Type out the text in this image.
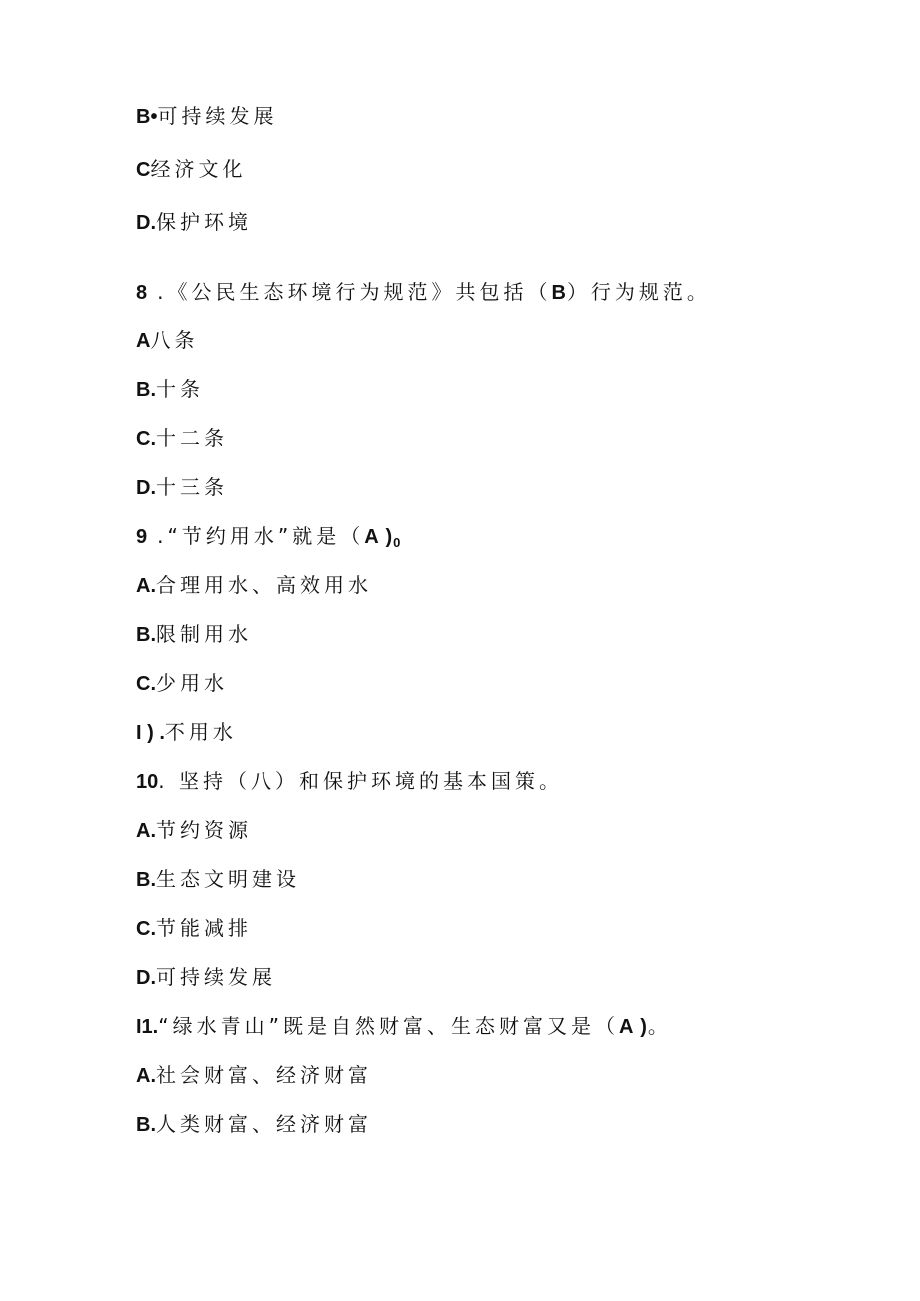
B•可持续发展
C经济文化
D.保护环境
8 .《公民生态环境行为规范》共包括（B）行为规范。
A八条
B.十条
C.十二条
D.十三条
9 .“节约用水”就是（A )$_0$
A.合理用水、高效用水
B.限制用水
C.少用水
I ) .不用水
10. 坚持（八）和保护环境的基本国策。
A.节约资源
B.生态文明建设
C.节能减排
D.可持续发展
I1.“绿水青山”既是自然财富、生态财富又是（A )。
A.社会财富、经济财富
B.人类财富、经济财富
